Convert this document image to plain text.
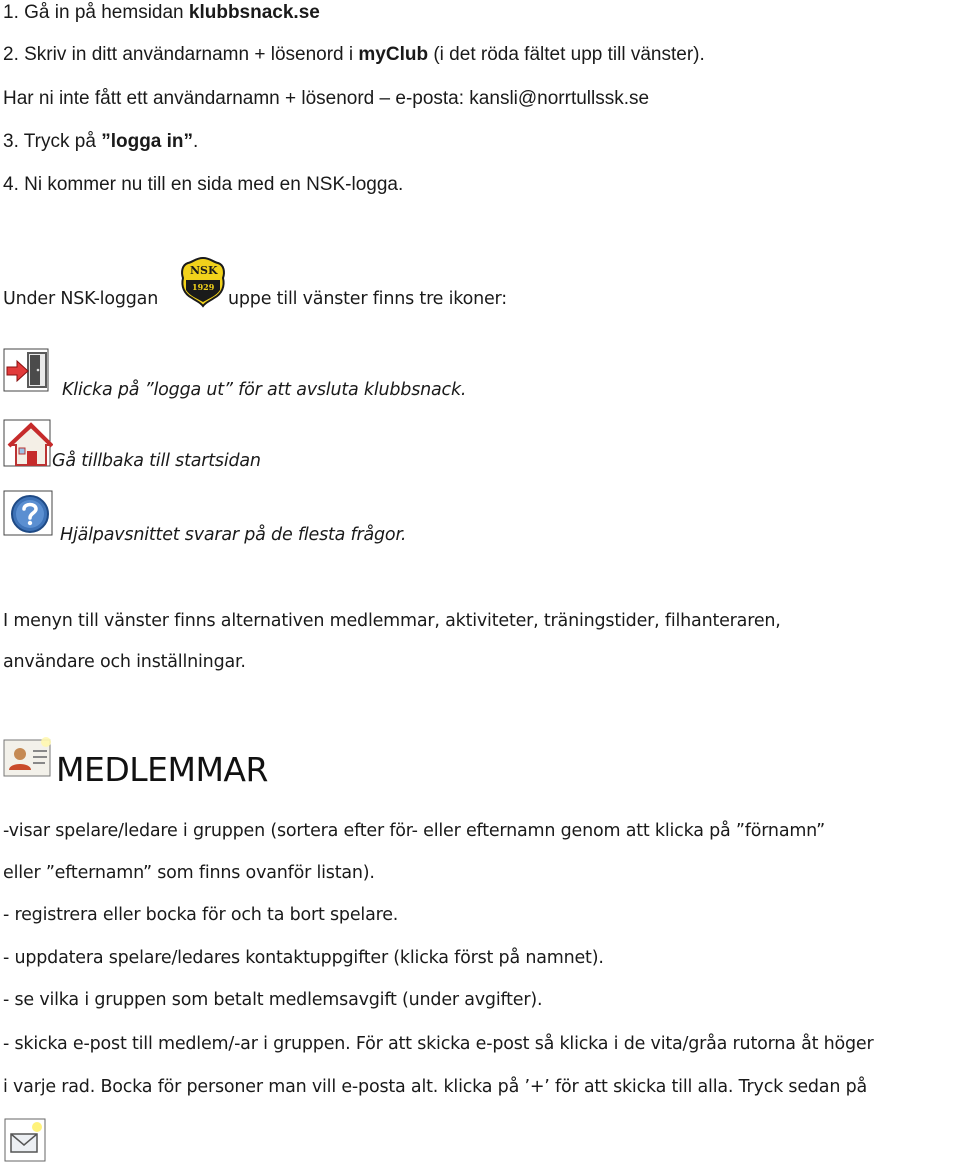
1. Gå in på hemsidan klubbsnack.se
2. Skriv in ditt användarnamn + lösenord i myClub (i det röda fältet upp till vänster).
Har ni inte fått ett användarnamn + lösenord – e-posta: kansli@norrtullssk.se
3. Tryck på ”logga in”.
4. Ni kommer nu till en sida med en NSK-logga.
Under NSK-loggan
NSK
1929
uppe till vänster finns tre ikoner:
Klicka på ”logga ut” för att avsluta klubbsnack.
Gå tillbaka till startsidan
Hjälpavsnittet svarar på de flesta frågor.
I menyn till vänster finns alternativen medlemmar, aktiviteter, träningstider, filhanteraren,
användare och inställningar.
MEDLEMMAR
-visar spelare/ledare i gruppen (sortera efter för- eller efternamn genom att klicka på ”förnamn”
eller ”efternamn” som finns ovanför listan).
- registrera eller bocka för och ta bort spelare.
- uppdatera spelare/ledares kontaktuppgifter (klicka först på namnet).
- se vilka i gruppen som betalt medlemsavgift (under avgifter).
- skicka e-post till medlem/-ar i gruppen. För att skicka e-post så klicka i de vita/gråa rutorna åt höger
i varje rad. Bocka för personer man vill e-posta alt. klicka på ’+’ för att skicka till alla. Tryck sedan på
